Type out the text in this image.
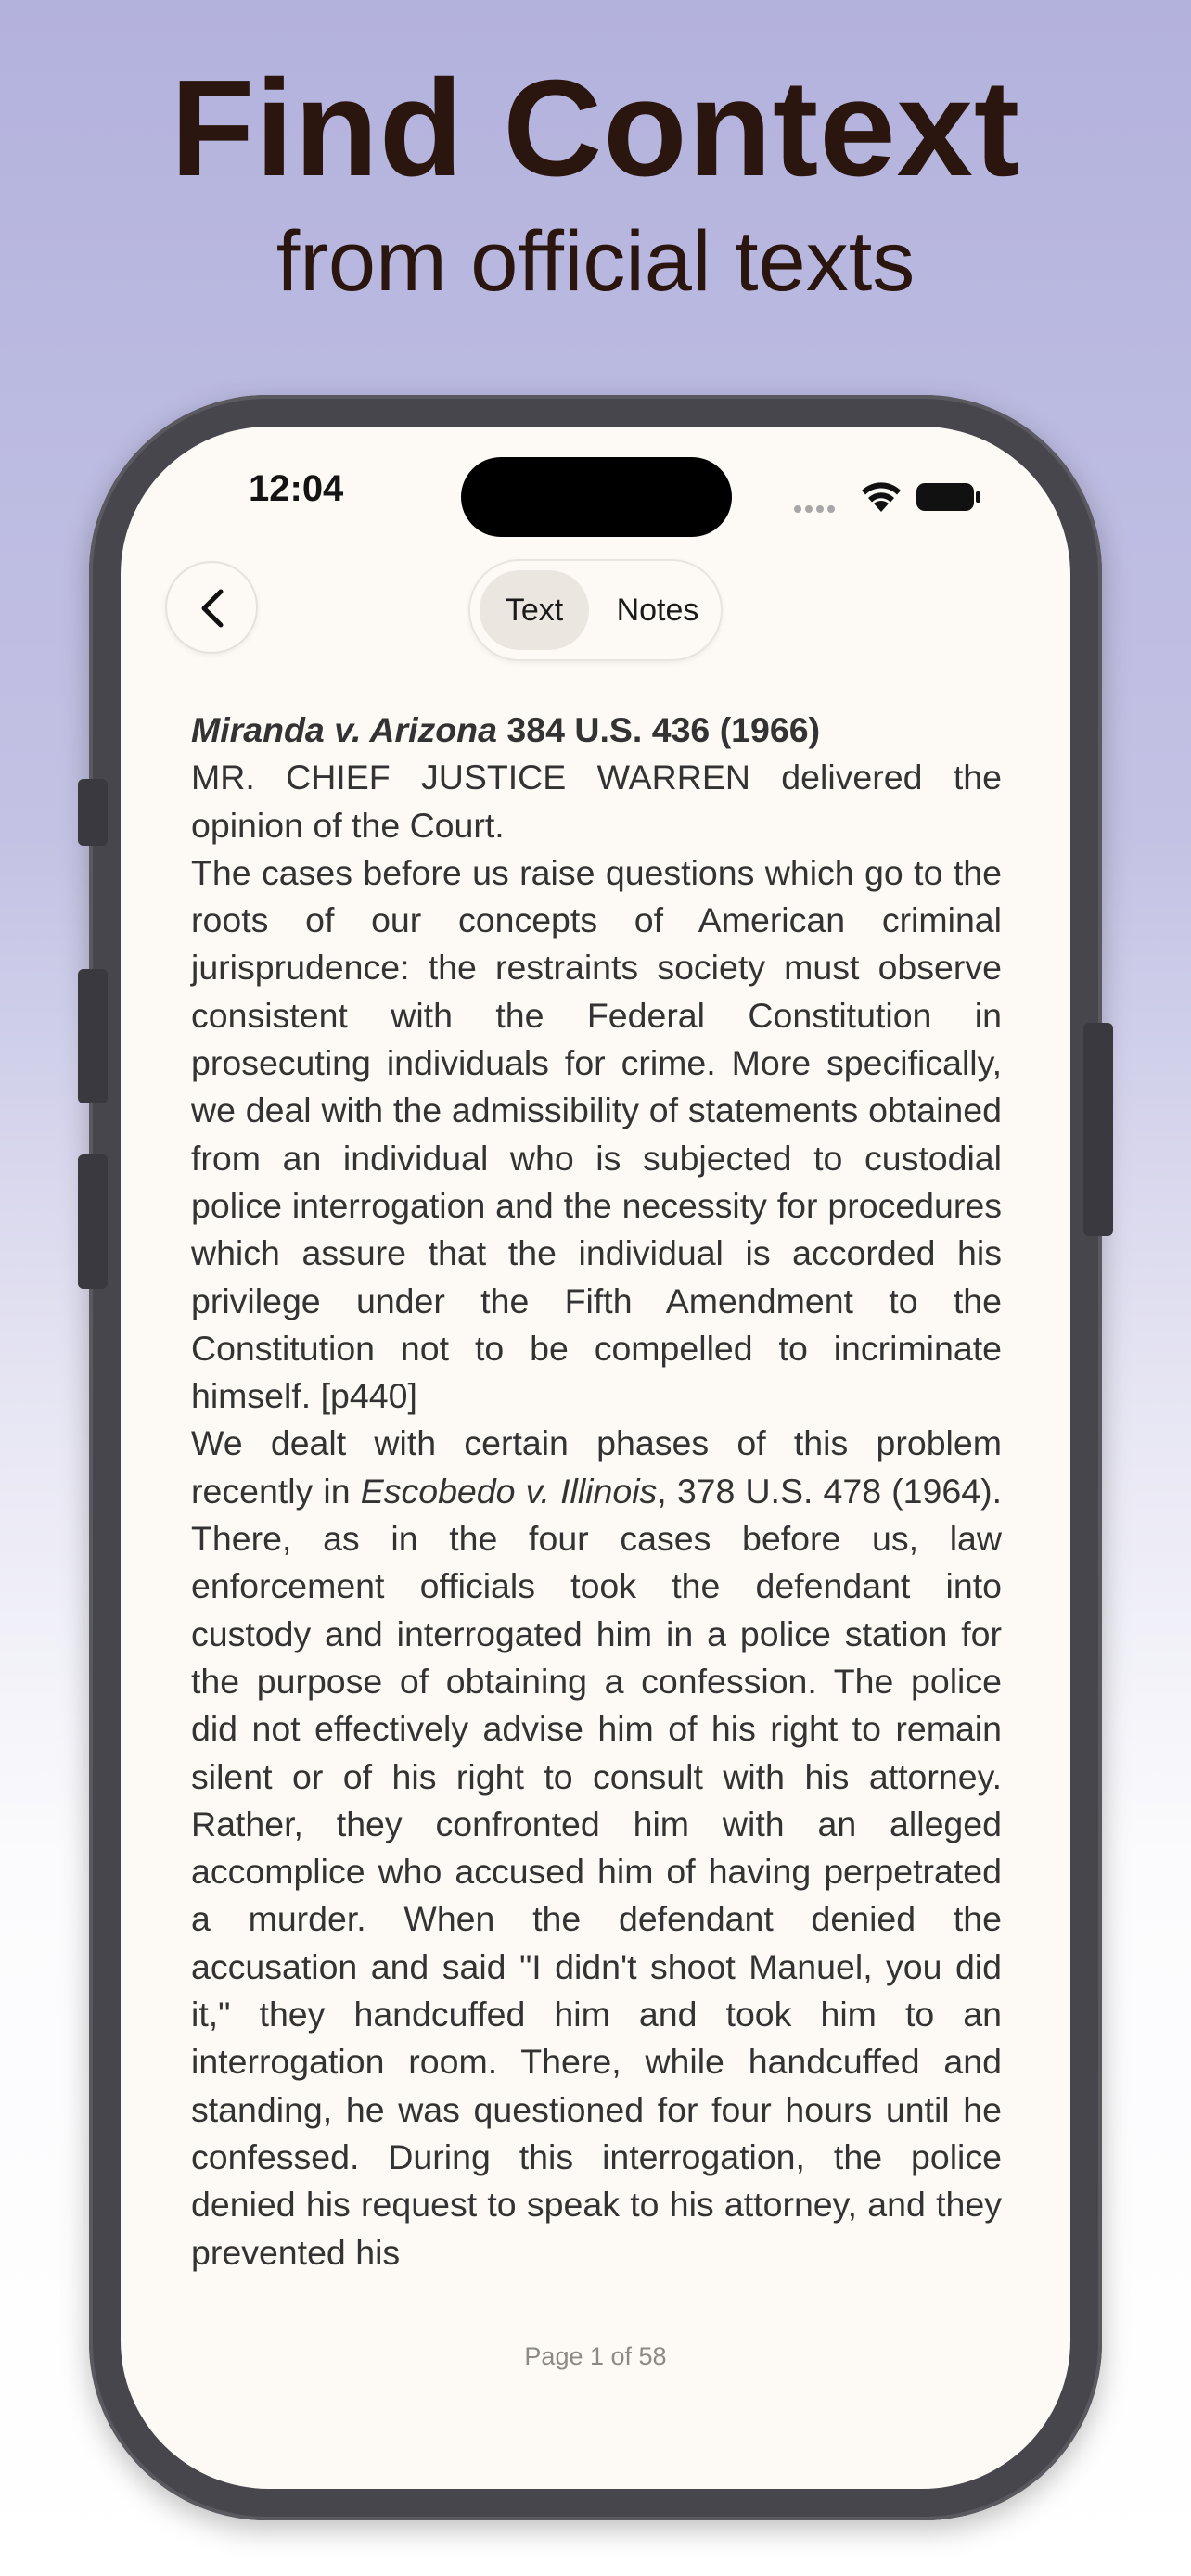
Find Context
from official texts
12:04
Text	Notes

Miranda v. Arizona 384 U.S. 436 (1966)

MR. CHIEF JUSTICE WARREN delivered the opinion of the Court.

The cases before us raise questions which go to the roots of our concepts of American criminal jurisprudence: the restraints society must observe consistent with the Federal Constitution in prosecuting individuals for crime. More specifically, we deal with the admissibility of statements obtained from an individual who is subjected to custodial police interrogation and the necessity for procedures which assure that the individual is accorded his privilege under the Fifth Amendment to the Constitution not to be compelled to incriminate himself. [p440]

We dealt with certain phases of this problem recently in Escobedo v. Illinois, 378 U.S. 478 (1964). There, as in the four cases before us, law enforcement officials took the defendant into custody and interrogated him in a police station for the purpose of obtaining a confession. The police did not effectively advise him of his right to remain silent or of his right to consult with his attorney. Rather, they confronted him with an alleged accomplice who accused him of having perpetrated a murder. When the defendant denied the accusation and said "I didn't shoot Manuel, you did it," they handcuffed him and took him to an interrogation room. There, while handcuffed and standing, he was questioned for four hours until he confessed. During this interrogation, the police denied his request to speak to his attorney, and they prevented his

Page 1 of 58
